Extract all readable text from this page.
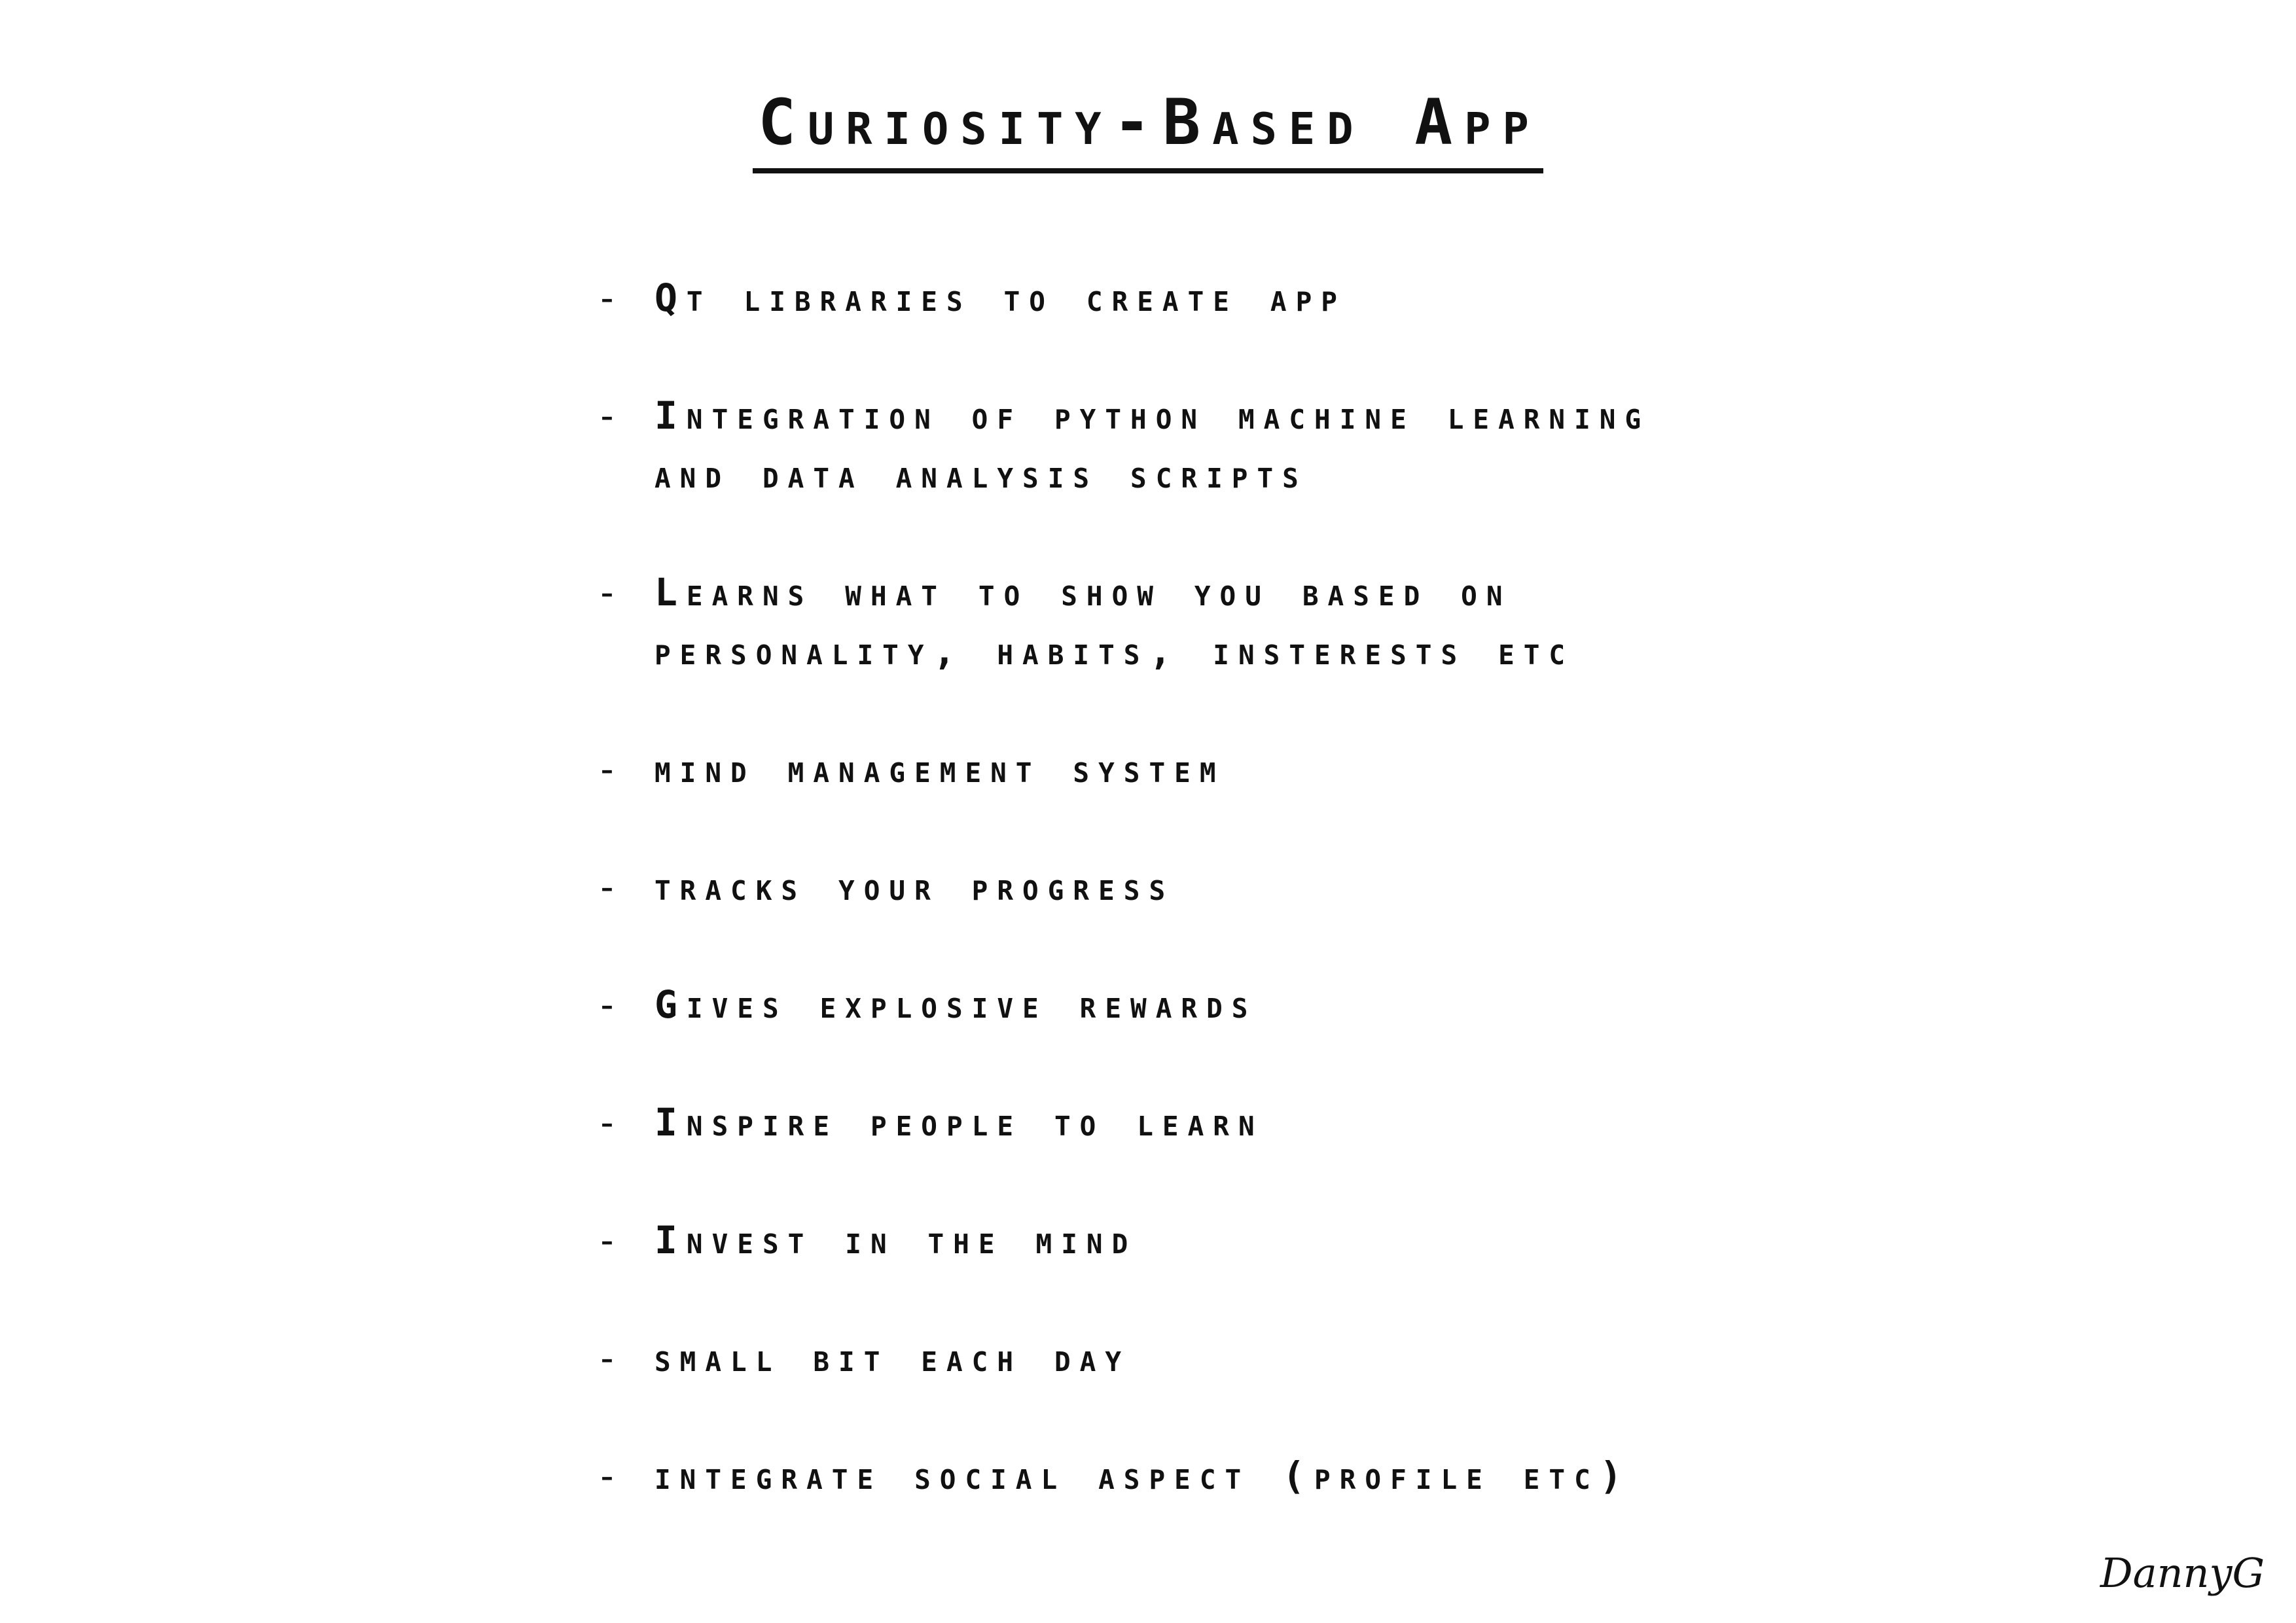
Curiosity-Based App
- Qt libraries to create app
- Integration of python machine learning
and data analysis scripts
- Learns what to show you based on
personality, habits, insterests etc
- mind management system
- tracks your progress
- Gives explosive rewards
- Inspire people to learn
- Invest in the mind
- small bit each day
- integrate social aspect (profile etc)
DannyG
